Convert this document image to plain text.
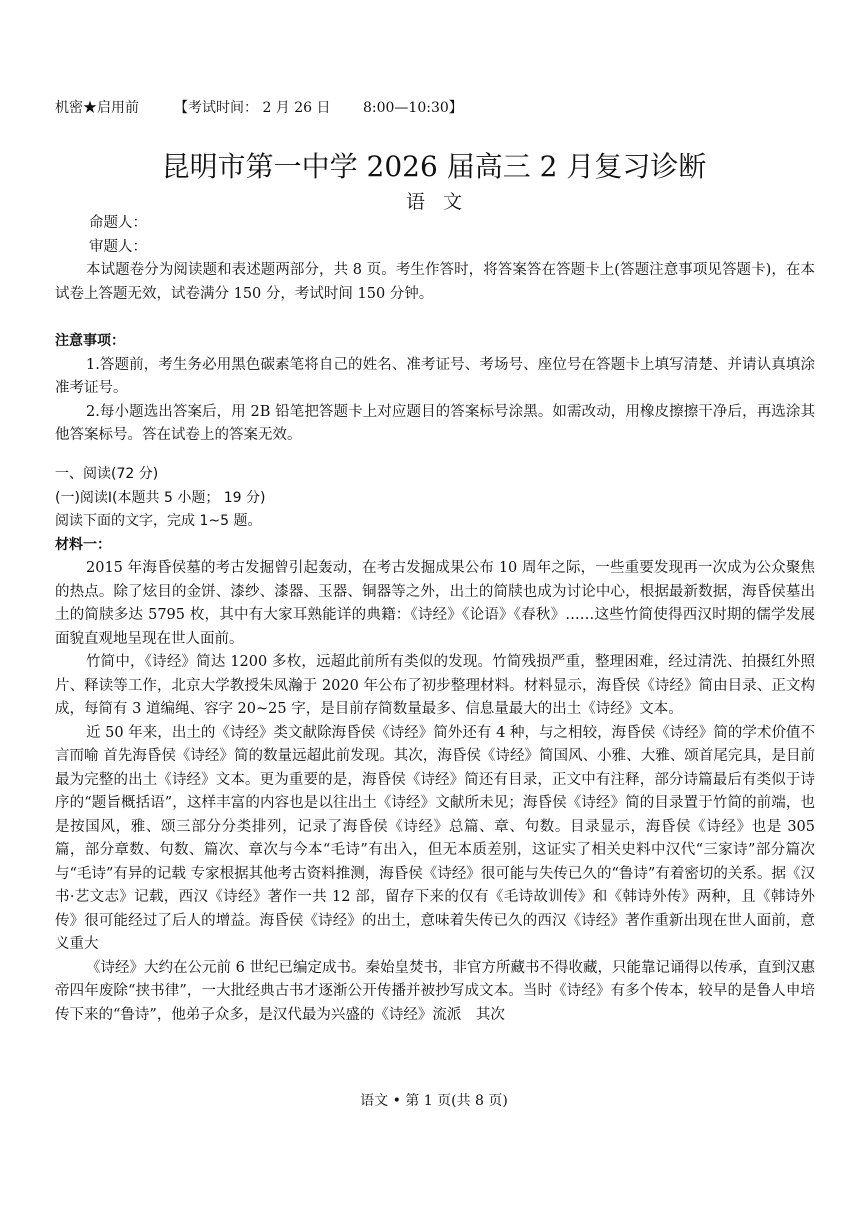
机密★启用前　　　	【考试时间： 2 月 26 日　　 8:00—10:30】
昆明市第一中学 2026 届高三 2 月复习诊断
语文

命题人：

审题人：

本试题卷分为阅读题和表述题两部分，共 8 页。考生作答时，将答案答在答题卡上(答题注意事项见答题卡)，在本试卷上答题无效，试卷满分 150 分，考试时间 150 分钟。

注意事项：

1.答题前，考生务必用黑色碳素笔将自己的姓名、准考证号、考场号、座位号在答题卡上填写清楚、并请认真填涂准考证号。

2.每小题选出答案后，用 2B 铅笔把答题卡上对应题目的答案标号涂黑。如需改动，用橡皮擦擦干净后，再选涂其他答案标号。答在试卷上的答案无效。

一、阅读(72 分)

(一)阅读Ⅰ(本题共 5 小题； 19 分)

阅读下面的文字，完成 1~5 题。

材料一：

2015 年海昏侯墓的考古发掘曾引起轰动，在考古发掘成果公布 10 周年之际，一些重要发现再一次成为公众聚焦的热点。除了炫目的金饼、漆纱、漆器、玉器、铜器等之外，出土的简牍也成为讨论中心，根据最新数据，海昏侯墓出土的简牍多达 5795 枚，其中有大家耳熟能详的典籍：《诗经》《论语》《春秋》……这些竹简使得西汉时期的儒学发展面貌直观地呈现在世人面前。

竹简中，《诗经》简达 1200 多枚，远超此前所有类似的发现。竹简残损严重，整理困难，经过清洗、拍摄红外照片、释读等工作，北京大学教授朱凤瀚于 2020 年公布了初步整理材料。材料显示，海昏侯《诗经》简由目录、正文构成，每简有 3 道编绳、容字 20~25 字，是目前存简数量最多、信息量最大的出土《诗经》文本。

近 50 年来，出土的《诗经》类文献除海昏侯《诗经》简外还有 4 种，与之相较，海昏侯《诗经》简的学术价值不言而喻 首先海昏侯《诗经》简的数量远超此前发现。其次，海昏侯《诗经》简国风、小雅、大雅、颂首尾完具，是目前最为完整的出土《诗经》文本。更为重要的是，海昏侯《诗经》简还有目录，正文中有注释，部分诗篇最后有类似于诗序的“题旨概括语”，这样丰富的内容也是以往出土《诗经》文献所未见；海昏侯《诗经》简的目录置于竹简的前端，也是按国风，雅、颂三部分分类排列，记录了海昏侯《诗经》总篇、章、句数。目录显示，海昏侯《诗经》也是 305 篇，部分章数、句数、篇次、章次与今本“毛诗”有出入，但无本质差别，这证实了相关史料中汉代“三家诗”部分篇次与“毛诗”有异的记载 专家根据其他考古资料推测，海昏侯《诗经》很可能与失传已久的“鲁诗”有着密切的关系。据《汉书·艺文志》记载，西汉《诗经》著作一共 12 部，留存下来的仅有《毛诗故训传》和《韩诗外传》两种，且《韩诗外传》很可能经过了后人的增益。海昏侯《诗经》的出土，意味着失传已久的西汉《诗经》著作重新出现在世人面前，意义重大

《诗经》大约在公元前 6 世纪已编定成书。秦始皇焚书，非官方所藏书不得收藏，只能靠记诵得以传承，直到汉惠帝四年废除“挟书律”，一大批经典古书才逐渐公开传播并被抄写成文本。当时《诗经》有多个传本，较早的是鲁人申培传下来的“鲁诗”，他弟子众多，是汉代最为兴盛的《诗经》流派　其次

语文 • 第 1 页(共 8 页)
